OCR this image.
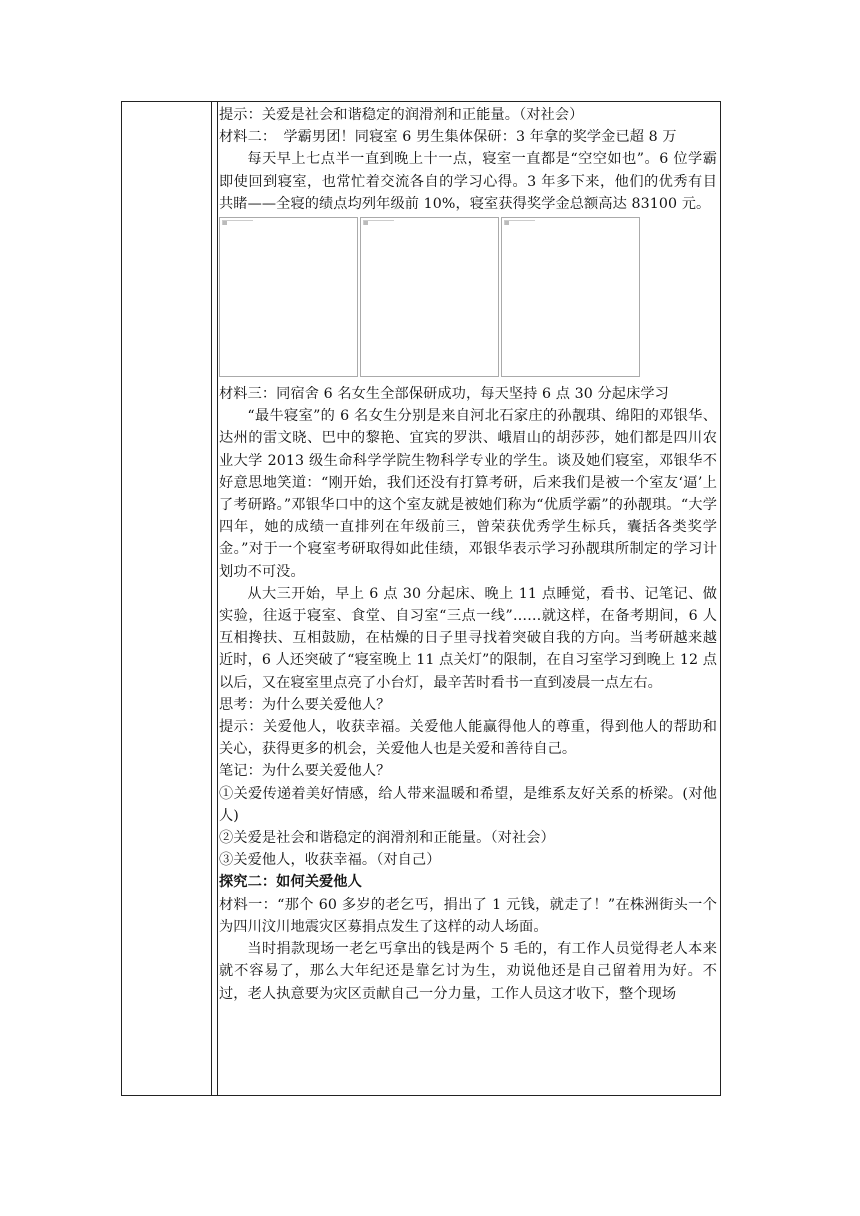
提示：关爱是社会和谐稳定的润滑剂和正能量。（对社会）

材料二：　学霸男团！同寝室 6 男生集体保研：3 年拿的奖学金已超 8 万

每天早上七点半一直到晚上十一点，寝室一直都是“空空如也”。6 位学霸即使回到寝室，也常忙着交流各自的学习心得。3 年多下来，他们的优秀有目共睹——全寝的绩点均列年级前 10%，寝室获得奖学金总额高达 83100 元。

材料三：同宿舍 6 名女生全部保研成功，每天坚持 6 点 30 分起床学习

“最牛寝室”的 6 名女生分别是来自河北石家庄的孙靓琪、绵阳的邓银华、达州的雷文晓、巴中的黎艳、宜宾的罗洪、峨眉山的胡莎莎，她们都是四川农业大学 2013 级生命科学学院生物科学专业的学生。谈及她们寝室，邓银华不好意思地笑道：“刚开始，我们还没有打算考研，后来我们是被一个室友‘逼’上了考研路。”邓银华口中的这个室友就是被她们称为“优质学霸”的孙靓琪。“大学四年，她的成绩一直排列在年级前三，曾荣获优秀学生标兵，囊括各类奖学金。”对于一个寝室考研取得如此佳绩，邓银华表示学习孙靓琪所制定的学习计划功不可没。

从大三开始，早上 6 点 30 分起床、晚上 11 点睡觉，看书、记笔记、做实验，往返于寝室、食堂、自习室“三点一线”……就这样，在备考期间，6 人互相搀扶、互相鼓励，在枯燥的日子里寻找着突破自我的方向。当考研越来越近时，6 人还突破了“寝室晚上 11 点关灯”的限制，在自习室学习到晚上 12 点以后，又在寝室里点亮了小台灯，最辛苦时看书一直到凌晨一点左右。

思考：为什么要关爱他人？

提示：关爱他人，收获幸福。关爱他人能赢得他人的尊重，得到他人的帮助和关心，获得更多的机会，关爱他人也是关爱和善待自己。

笔记：为什么要关爱他人？

①关爱传递着美好情感，给人带来温暖和希望，是维系友好关系的桥梁。(对他人)

②关爱是社会和谐稳定的润滑剂和正能量。（对社会）

③关爱他人，收获幸福。（对自己）

探究二：如何关爱他人

材料一：“那个 60 多岁的老乞丐，捐出了 1 元钱，就走了！”在株洲街头一个为四川汶川地震灾区募捐点发生了这样的动人场面。

当时捐款现场一老乞丐拿出的钱是两个 5 毛的，有工作人员觉得老人本来就不容易了，那么大年纪还是靠乞讨为生，劝说他还是自己留着用为好。不过，老人执意要为灾区贡献自己一分力量，工作人员这才收下，整个现场
